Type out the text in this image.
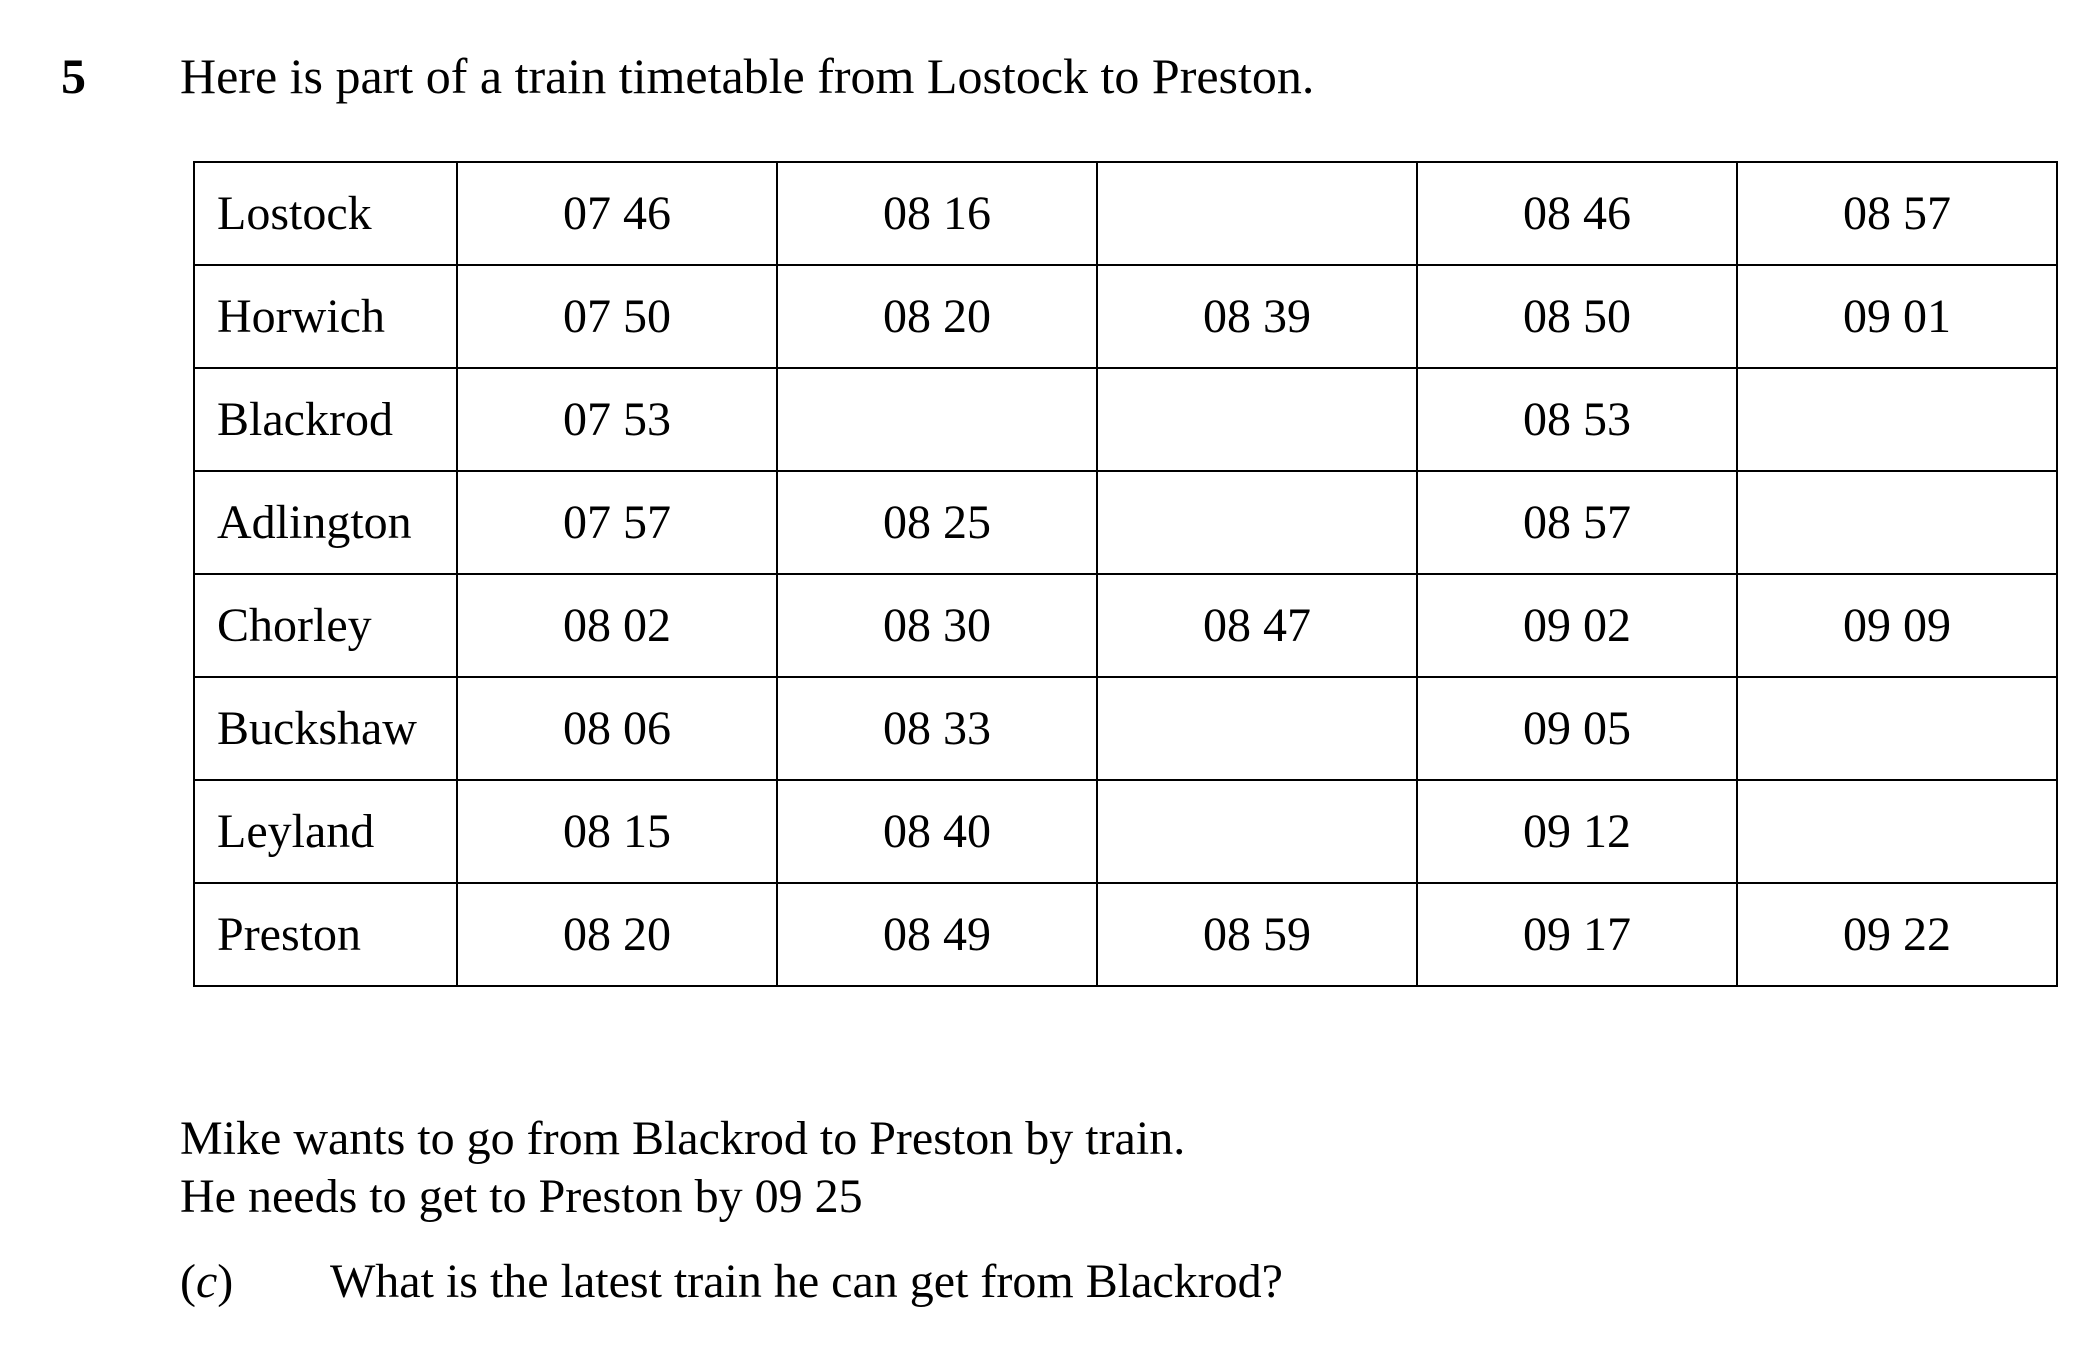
5 Here is part of a train timetable from Lostock to Preston.
Lostock	07 46	08 16		08 46	08 57
Horwich	07 50	08 20	08 39	08 50	09 01
Blackrod	07 53			08 53	
Adlington	07 57	08 25		08 57	
Chorley	08 02	08 30	08 47	09 02	09 09
Buckshaw	08 06	08 33		09 05	
Leyland	08 15	08 40		09 12	
Preston	08 20	08 49	08 59	09 17	09 22

Mike wants to go from Blackrod to Preston by train.

He needs to get to Preston by 09 25

(c) What is the latest train he can get from Blackrod?
